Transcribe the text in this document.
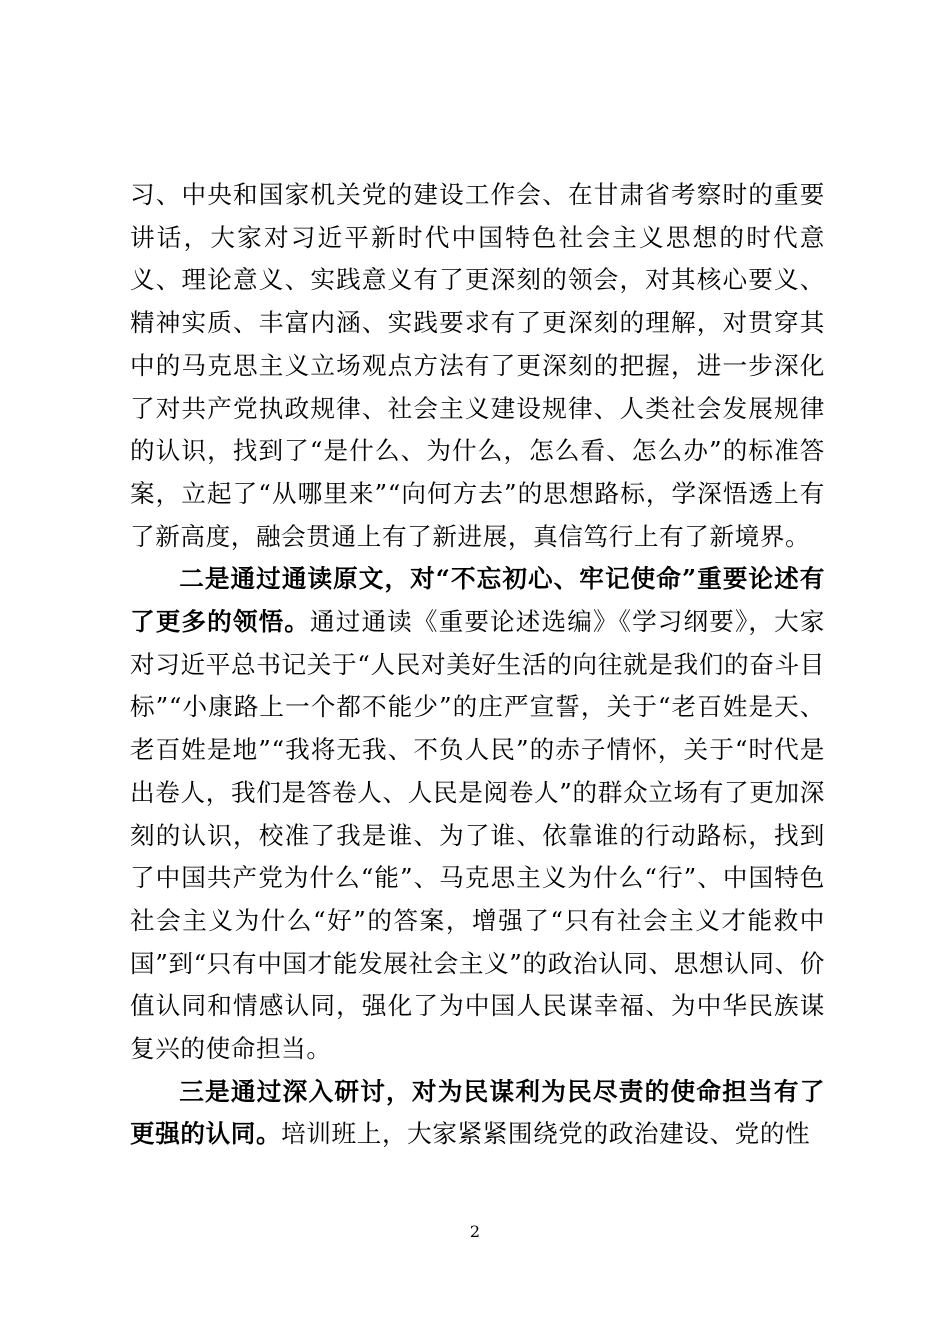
习、中央和国家机关党的建设工作会、在甘肃省考察时的重要讲话，大家对习近平新时代中国特色社会主义思想的时代意义、理论意义、实践意义有了更深刻的领会，对其核心要义、精神实质、丰富内涵、实践要求有了更深刻的理解，对贯穿其中的马克思主义立场观点方法有了更深刻的把握，进一步深化了对共产党执政规律、社会主义建设规律、人类社会发展规律的认识，找到了“是什么、为什么，怎么看、怎么办”的标准答案，立起了“从哪里来”“向何方去”的思想路标，学深悟透上有了新高度，融会贯通上有了新进展，真信笃行上有了新境界。

二是通过通读原文，对“不忘初心、牢记使命”重要论述有了更多的领悟。通过通读《重要论述选编》《学习纲要》，大家对习近平总书记关于“人民对美好生活的向往就是我们的奋斗目标”“小康路上一个都不能少”的庄严宣誓，关于“老百姓是天、老百姓是地”“我将无我、不负人民”的赤子情怀，关于“时代是出卷人，我们是答卷人、人民是阅卷人”的群众立场有了更加深刻的认识，校准了我是谁、为了谁、依靠谁的行动路标，找到了中国共产党为什么“能”、马克思主义为什么“行”、中国特色社会主义为什么“好”的答案，增强了“只有社会主义才能救中国”到“只有中国才能发展社会主义”的政治认同、思想认同、价值认同和情感认同，强化了为中国人民谋幸福、为中华民族谋复兴的使命担当。

三是通过深入研讨，对为民谋利为民尽责的使命担当有了更强的认同。培训班上，大家紧紧围绕党的政治建设、党的性

2
